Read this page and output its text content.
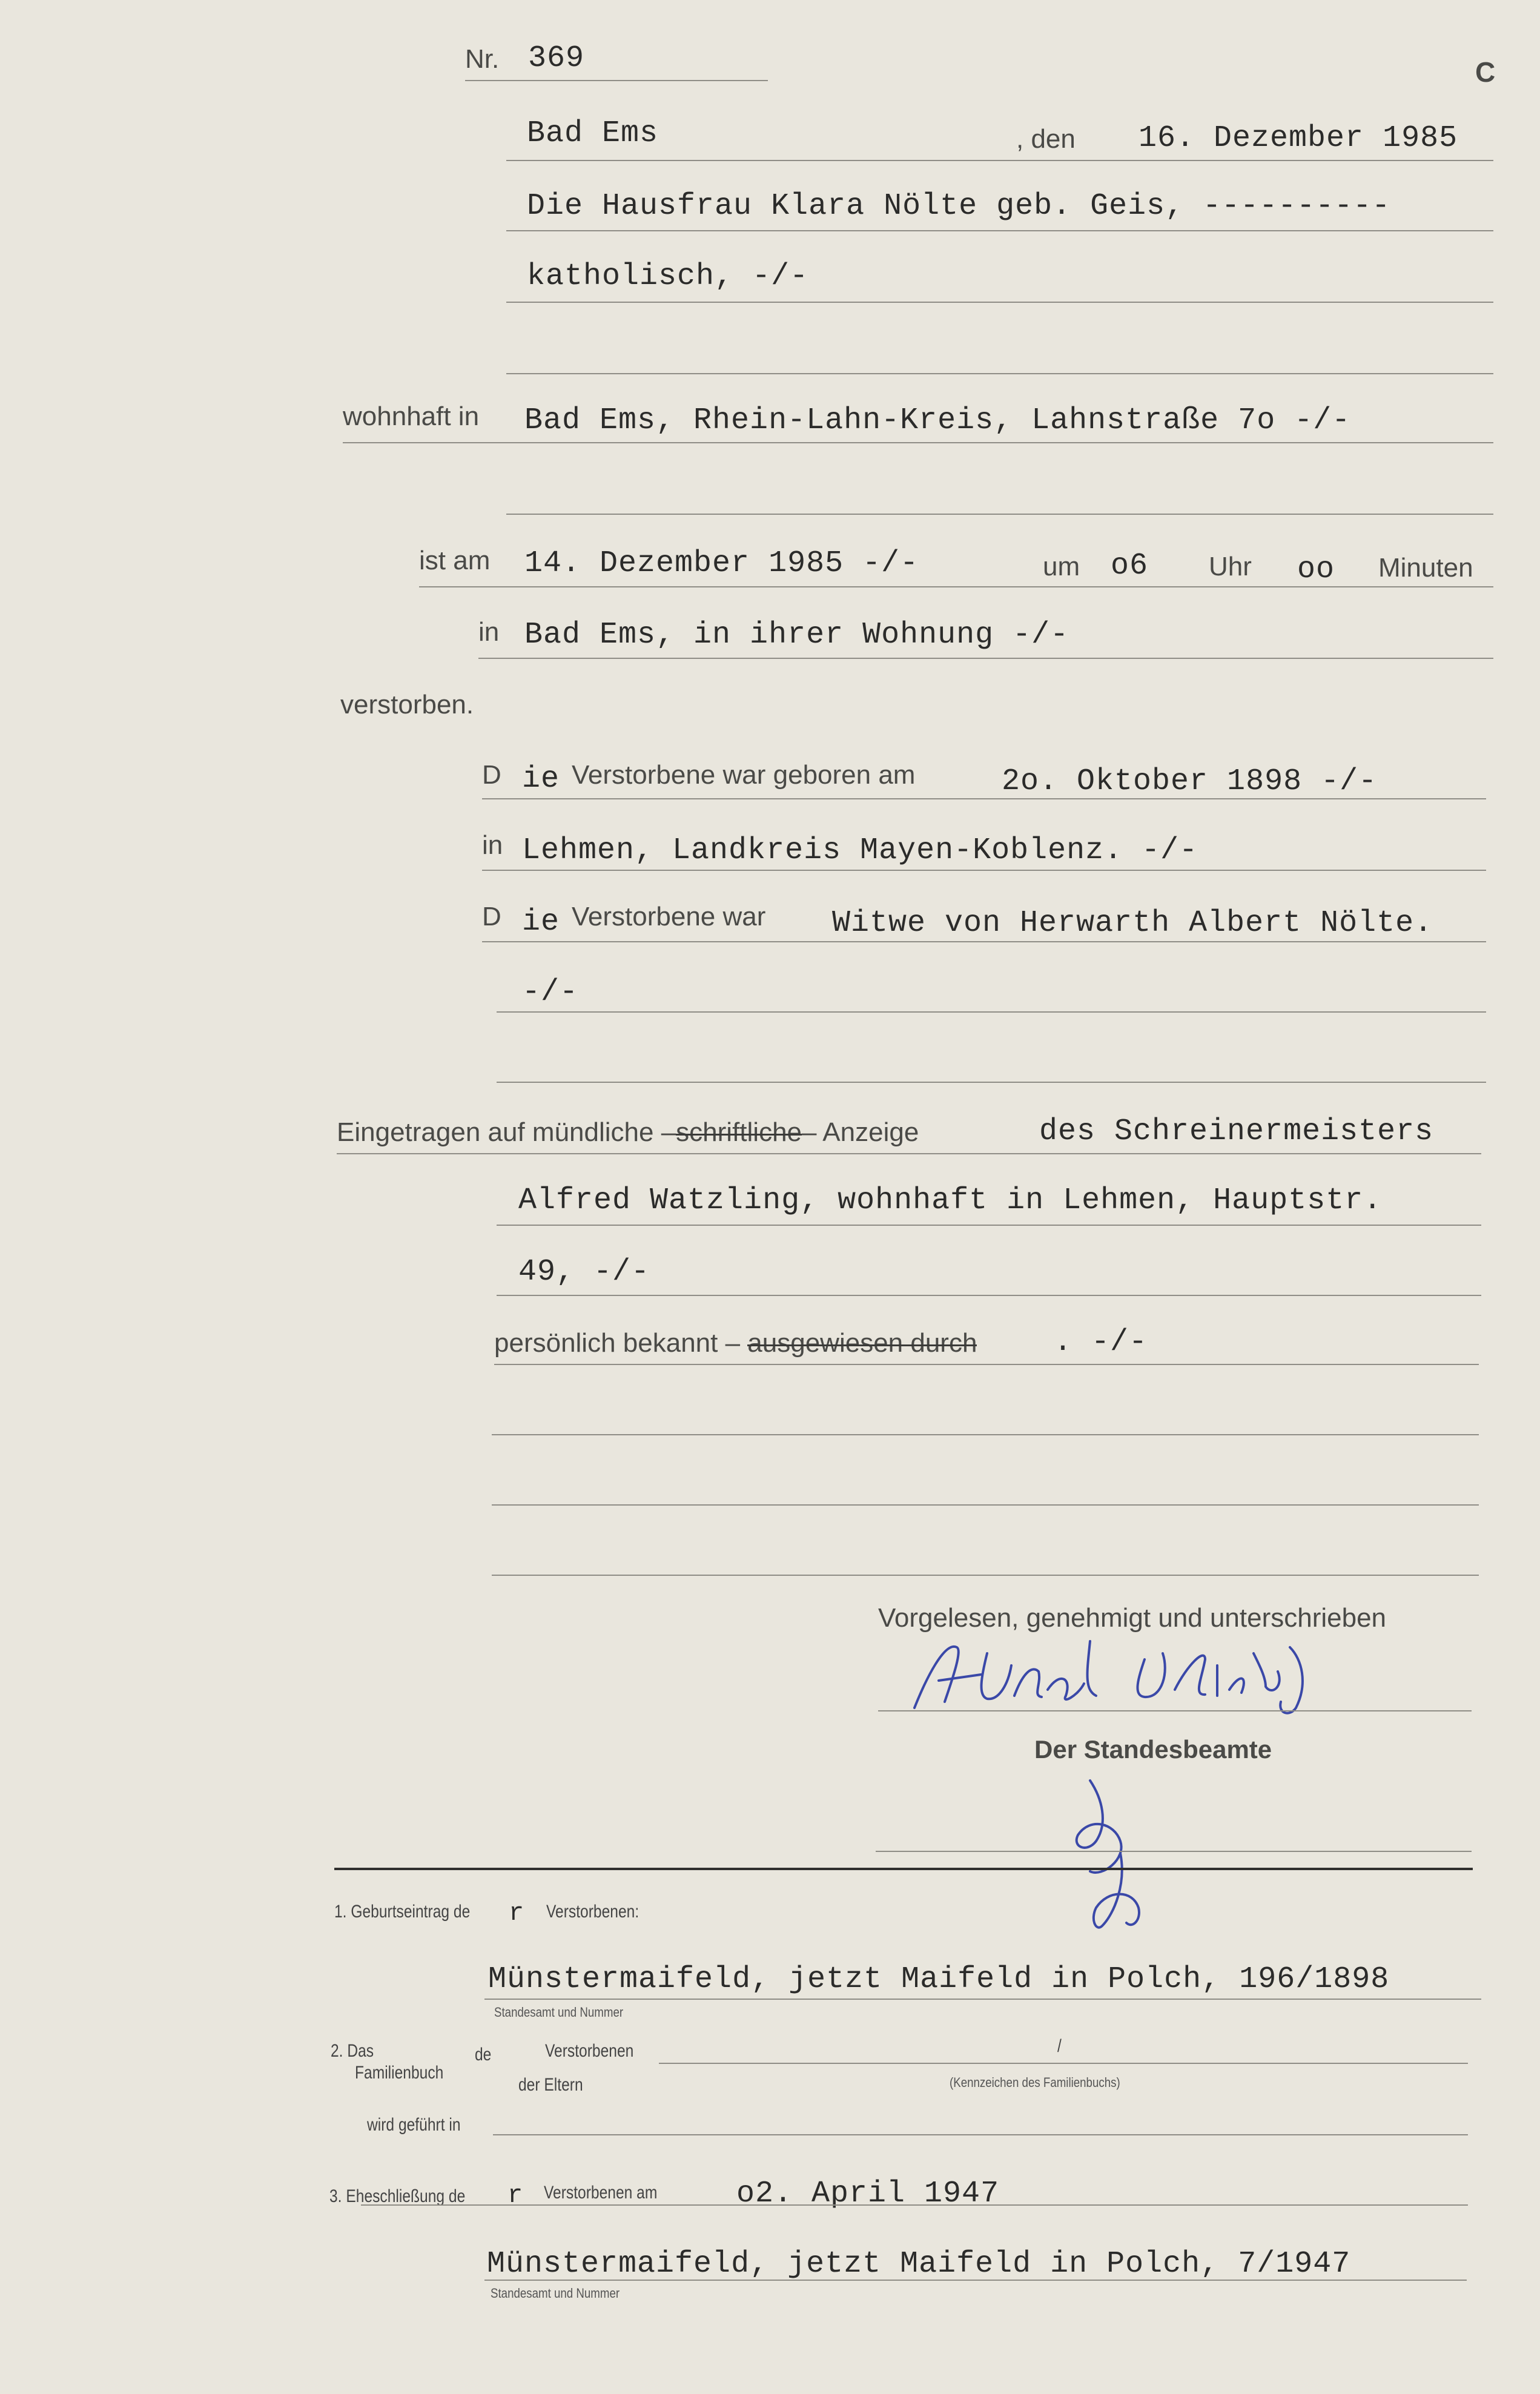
Nr. 369	C
Bad Ems	, den 16. Dezember 1985
Die Hausfrau Klara Nölte geb. Geis, ----------
katholisch, -/-
wohnhaft in Bad Ems, Rhein-Lahn-Kreis, Lahnstraße 7o -/-
ist am 14. Dezember 1985 -/-	um o6 Uhr oo Minuten
in Bad Ems, in ihrer Wohnung -/-
verstorben.
D ie Verstorbene war geboren am	2o. Oktober 1898 -/-
in Lehmen, Landkreis Mayen-Koblenz. -/-
D ie Verstorbene war Witwe von Herwarth Albert Nölte.
-/-
Eingetragen auf mündliche –schriftliche– Anzeige	des Schreinermeisters
Alfred Watzling, wohnhaft in Lehmen, Hauptstr.
49, -/-
persönlich bekannt – ausgewiesen durch	. -/-
Vorgelesen, genehmigt und unterschrieben
Der Standesbeamte
1. Geburtseintrag de r Verstorbenen:
Münstermaifeld, jetzt Maifeld in Polch, 196/1898
Standesamt und Nummer
2. Das
Familienbuch
de	Verstorbenen
der Eltern
/
(Kennzeichen des Familienbuchs)
wird geführt in
3. Eheschließung de r Verstorbenen am	o2. April 1947
Münstermaifeld, jetzt Maifeld in Polch, 7/1947
Standesamt und Nummer
